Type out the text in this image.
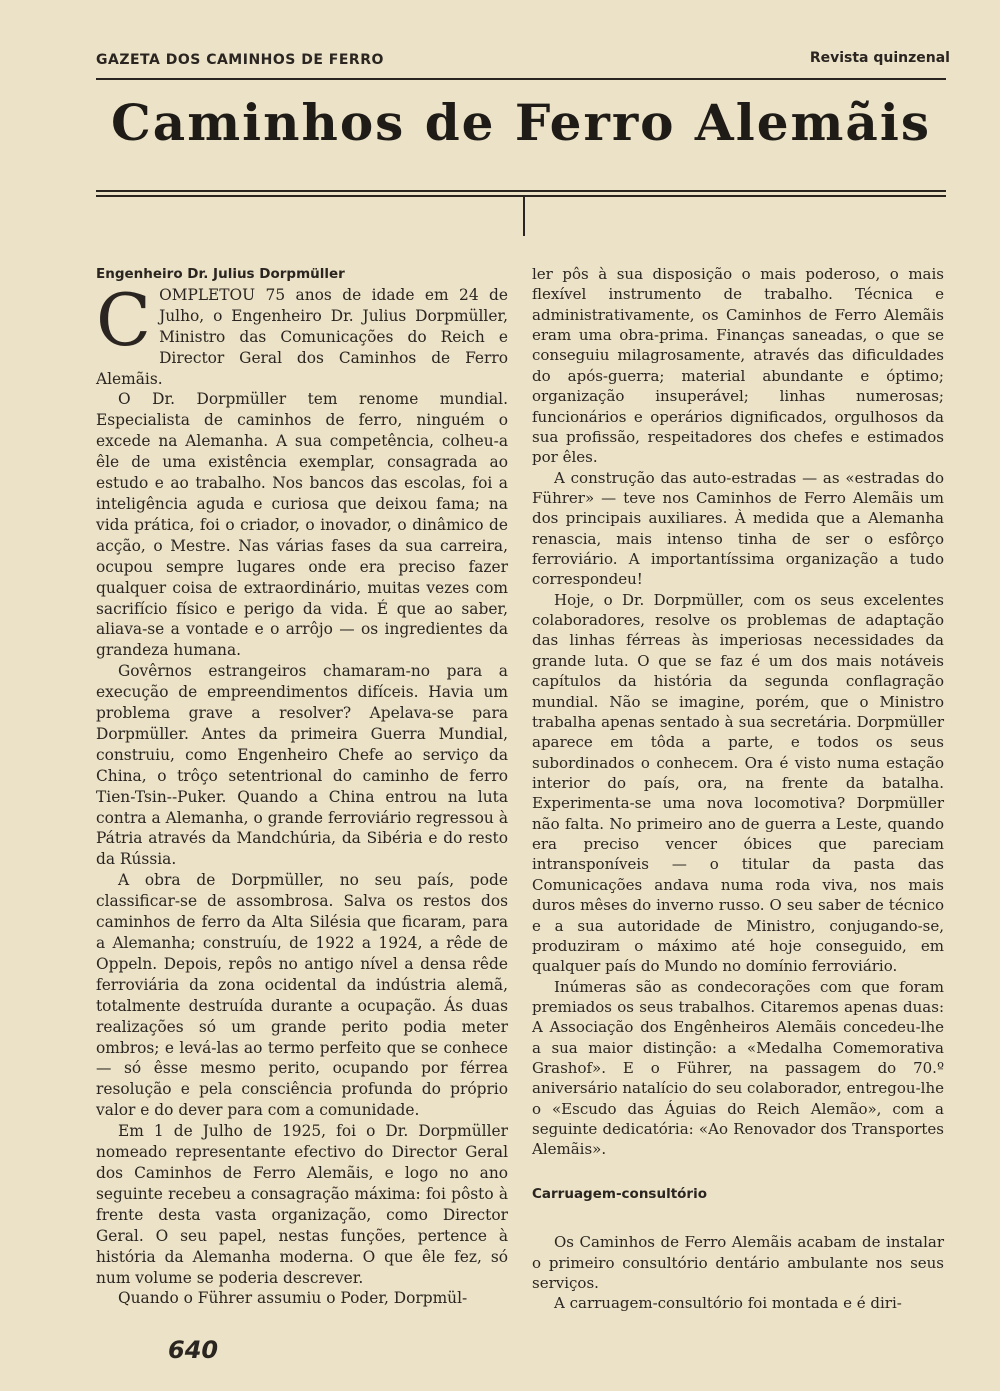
GAZETA DOS CAMINHOS DE FERRO	Revista quinzenal
Caminhos de Ferro Alemãis

Engenheiro Dr. Julius Dorpmüller

COMPLETOU 75 anos de idade em 24 de Julho, o Engenheiro Dr. Julius Dorpmüller, Ministro das Comunicações do Reich e Director Geral dos Caminhos de Ferro Alemãis.

O Dr. Dorpmüller tem renome mundial. Especialista de caminhos de ferro, ninguém o excede na Alemanha. A sua competência, colheu-a êle de uma existência exemplar, consagrada ao estudo e ao trabalho. Nos bancos das escolas, foi a inteligência aguda e curiosa que deixou fama; na vida prática, foi o criador, o inovador, o dinâmico de acção, o Mestre. Nas várias fases da sua carreira, ocupou sempre lugares onde era preciso fazer qualquer coisa de extraordinário, muitas vezes com sacrifício físico e perigo da vida. É que ao saber, aliava-se a vontade e o arrôjo — os ingredientes da grandeza humana.

Govêrnos estrangeiros chamaram-no para a execução de empreendimentos difíceis. Havia um problema grave a resolver? Apelava-se para Dorpmüller. Antes da primeira Guerra Mundial, construiu, como Engenheiro Chefe ao serviço da China, o trôço setentrional do caminho de ferro Tien-Tsin--Puker. Quando a China entrou na luta contra a Alemanha, o grande ferroviário regressou à Pátria através da Mandchúria, da Sibéria e do resto da Rússia.

A obra de Dorpmüller, no seu país, pode classificar-se de assombrosa. Salva os restos dos caminhos de ferro da Alta Silésia que ficaram, para a Alemanha; construíu, de 1922 a 1924, a rêde de Oppeln. Depois, repôs no antigo nível a densa rêde ferroviária da zona ocidental da indústria alemã, totalmente destruída durante a ocupação. Ás duas realizações só um grande perito podia meter ombros; e levá-las ao termo perfeito que se conhece — só êsse mesmo perito, ocupando por férrea resolução e pela consciência profunda do próprio valor e do dever para com a comunidade.

Em 1 de Julho de 1925, foi o Dr. Dorpmüller nomeado representante efectivo do Director Geral dos Caminhos de Ferro Alemãis, e logo no ano seguinte recebeu a consagração máxima: foi pôsto à frente desta vasta organização, como Director Geral. O seu papel, nestas funções, pertence à história da Alemanha moderna. O que êle fez, só num volume se poderia descrever.

Quando o Führer assumiu o Poder, Dorpmül-

ler pôs à sua disposição o mais poderoso, o mais flexível instrumento de trabalho. Técnica e administrativamente, os Caminhos de Ferro Alemãis eram uma obra-prima. Finanças saneadas, o que se conseguiu milagrosamente, através das dificuldades do após-guerra; material abundante e óptimo; organização insuperável; linhas numerosas; funcionários e operários dignificados, orgulhosos da sua profissão, respeitadores dos chefes e estimados por êles.

A construção das auto-estradas — as «estradas do Führer» — teve nos Caminhos de Ferro Alemãis um dos principais auxiliares. À medida que a Alemanha renascia, mais intenso tinha de ser o esfôrço ferroviário. A importantíssima organização a tudo correspondeu!

Hoje, o Dr. Dorpmüller, com os seus excelentes colaboradores, resolve os problemas de adaptação das linhas férreas às imperiosas necessidades da grande luta. O que se faz é um dos mais notáveis capítulos da história da segunda conflagração mundial. Não se imagine, porém, que o Ministro trabalha apenas sentado à sua secretária. Dorpmüller aparece em tôda a parte, e todos os seus subordinados o conhecem. Ora é visto numa estação interior do país, ora, na frente da batalha. Experimenta-se uma nova locomotiva? Dorpmüller não falta. No primeiro ano de guerra a Leste, quando era preciso vencer óbices que pareciam intransponíveis — o titular da pasta das Comunicações andava numa roda viva, nos mais duros mêses do inverno russo. O seu saber de técnico e a sua autoridade de Ministro, conjugando-se, produziram o máximo até hoje conseguido, em qualquer país do Mundo no domínio ferroviário.

Inúmeras são as condecorações com que foram premiados os seus trabalhos. Citaremos apenas duas: A Associação dos Engênheiros Alemãis concedeu-lhe a sua maior distinção: a «Medalha Comemorativa Grashof». E o Führer, na passagem do 70.º aniversário natalício do seu colaborador, entregou-lhe o «Escudo das Águias do Reich Alemão», com a seguinte dedicatória: «Ao Renovador dos Transportes Alemãis».

Carruagem-consultório

Os Caminhos de Ferro Alemãis acabam de instalar o primeiro consultório dentário ambulante nos seus serviços.

A carruagem-consultório foi montada e é diri-

640
